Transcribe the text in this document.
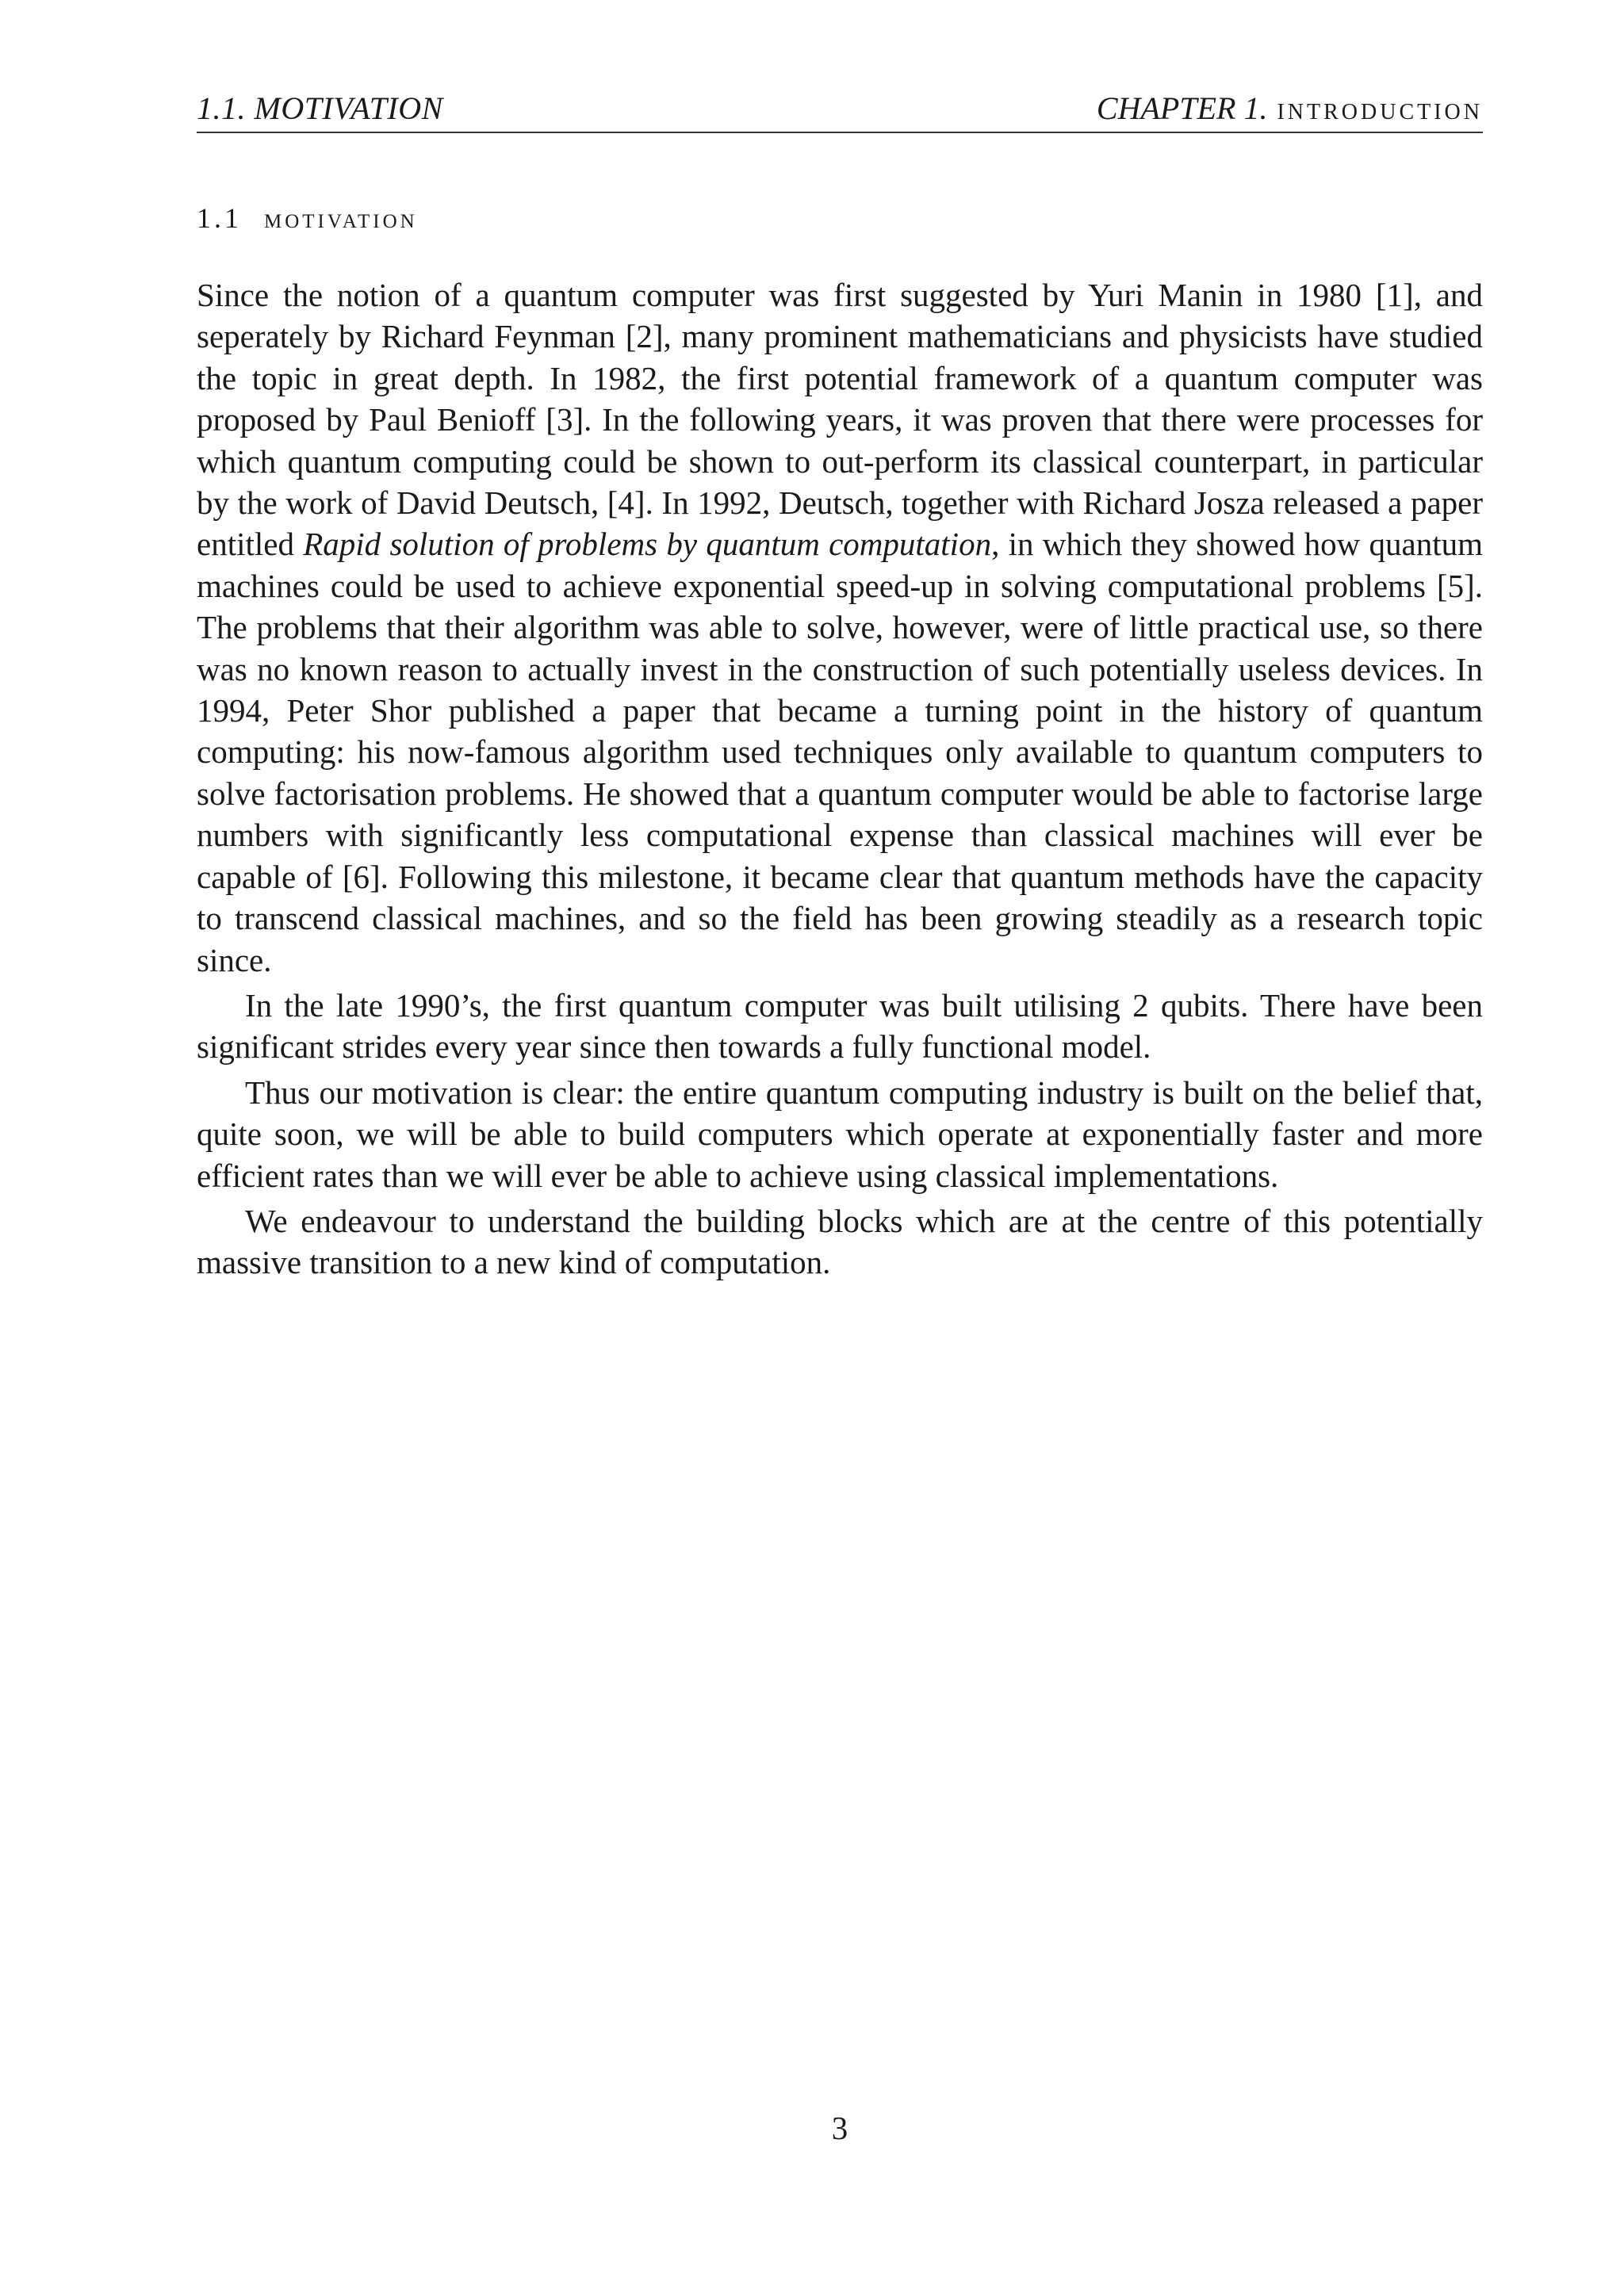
1.1. MOTIVATION	CHAPTER 1. introduction
1.1 motivation

Since the notion of a quantum computer was first suggested by Yuri Manin in 1980 [1], and seperately by Richard Feynman [2], many prominent mathematicians and physicists have studied the topic in great depth. In 1982, the first potential framework of a quantum computer was proposed by Paul Benioff [3]. In the following years, it was proven that there were processes for which quantum computing could be shown to out-perform its classical counterpart, in particular by the work of David Deutsch, [4]. In 1992, Deutsch, together with Richard Josza released a paper entitled Rapid solution of problems by quantum computation, in which they showed how quantum machines could be used to achieve exponential speed-up in solving computational problems [5]. The problems that their algorithm was able to solve, however, were of little practical use, so there was no known reason to actually invest in the construction of such potentially useless devices. In 1994, Peter Shor published a paper that became a turning point in the history of quantum computing: his now-famous algorithm used techniques only available to quantum computers to solve factorisation problems. He showed that a quantum computer would be able to factorise large numbers with significantly less computational expense than classical machines will ever be capable of [6]. Following this milestone, it became clear that quantum methods have the capacity to transcend classical machines, and so the field has been growing steadily as a research topic since.

In the late 1990’s, the first quantum computer was built utilising 2 qubits. There have been significant strides every year since then towards a fully functional model.

Thus our motivation is clear: the entire quantum computing industry is built on the belief that, quite soon, we will be able to build computers which operate at exponentially faster and more efficient rates than we will ever be able to achieve using classical implementations.

We endeavour to understand the building blocks which are at the centre of this potentially massive transition to a new kind of computation.

3
